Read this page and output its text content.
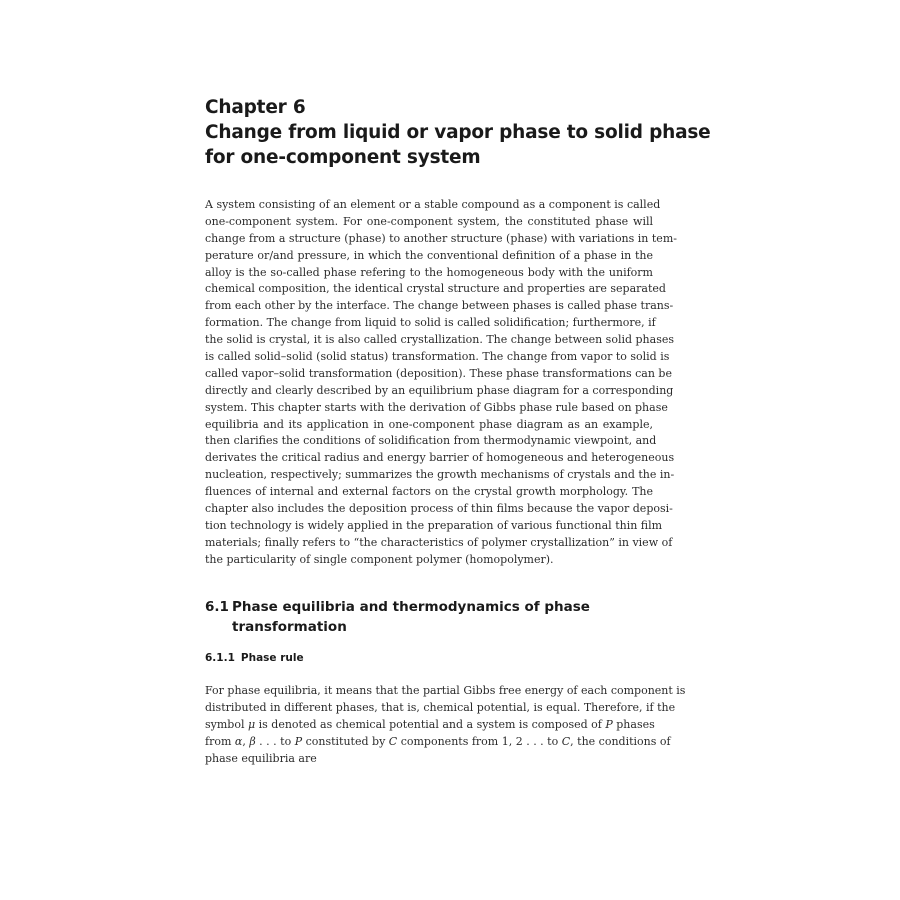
Chapter 6
Change from liquid or vapor phase to solid phase
for one-component system
A system consisting of an element or a stable compound as a component is called
one-component system. For one-component system, the constituted phase will
change from a structure (phase) to another structure (phase) with variations in tem-
perature or/and pressure, in which the conventional definition of a phase in the
alloy is the so-called phase refering to the homogeneous body with the uniform
chemical composition, the identical crystal structure and properties are separated
from each other by the interface. The change between phases is called phase trans-
formation. The change from liquid to solid is called solidification; furthermore, if
the solid is crystal, it is also called crystallization. The change between solid phases
is called solid–solid (solid status) transformation. The change from vapor to solid is
called vapor–solid transformation (deposition). These phase transformations can be
directly and clearly described by an equilibrium phase diagram for a corresponding
system. This chapter starts with the derivation of Gibbs phase rule based on phase
equilibria and its application in one-component phase diagram as an example,
then clarifies the conditions of solidification from thermodynamic viewpoint, and
derivates the critical radius and energy barrier of homogeneous and heterogeneous
nucleation, respectively; summarizes the growth mechanisms of crystals and the in-
fluences of internal and external factors on the crystal growth morphology. The
chapter also includes the deposition process of thin films because the vapor deposi-
tion technology is widely applied in the preparation of various functional thin film
materials; finally refers to “the characteristics of polymer crystallization” in view of
the particularity of single component polymer (homopolymer).
6.1 Phase equilibria and thermodynamics of phase
transformation
6.1.1 Phase rule
For phase equilibria, it means that the partial Gibbs free energy of each component is
distributed in different phases, that is, chemical potential, is equal. Therefore, if the
symbol μ is denoted as chemical potential and a system is composed of P phases
from α, β . . . to P constituted by C components from 1, 2 . . . to C, the conditions of
phase equilibria are
